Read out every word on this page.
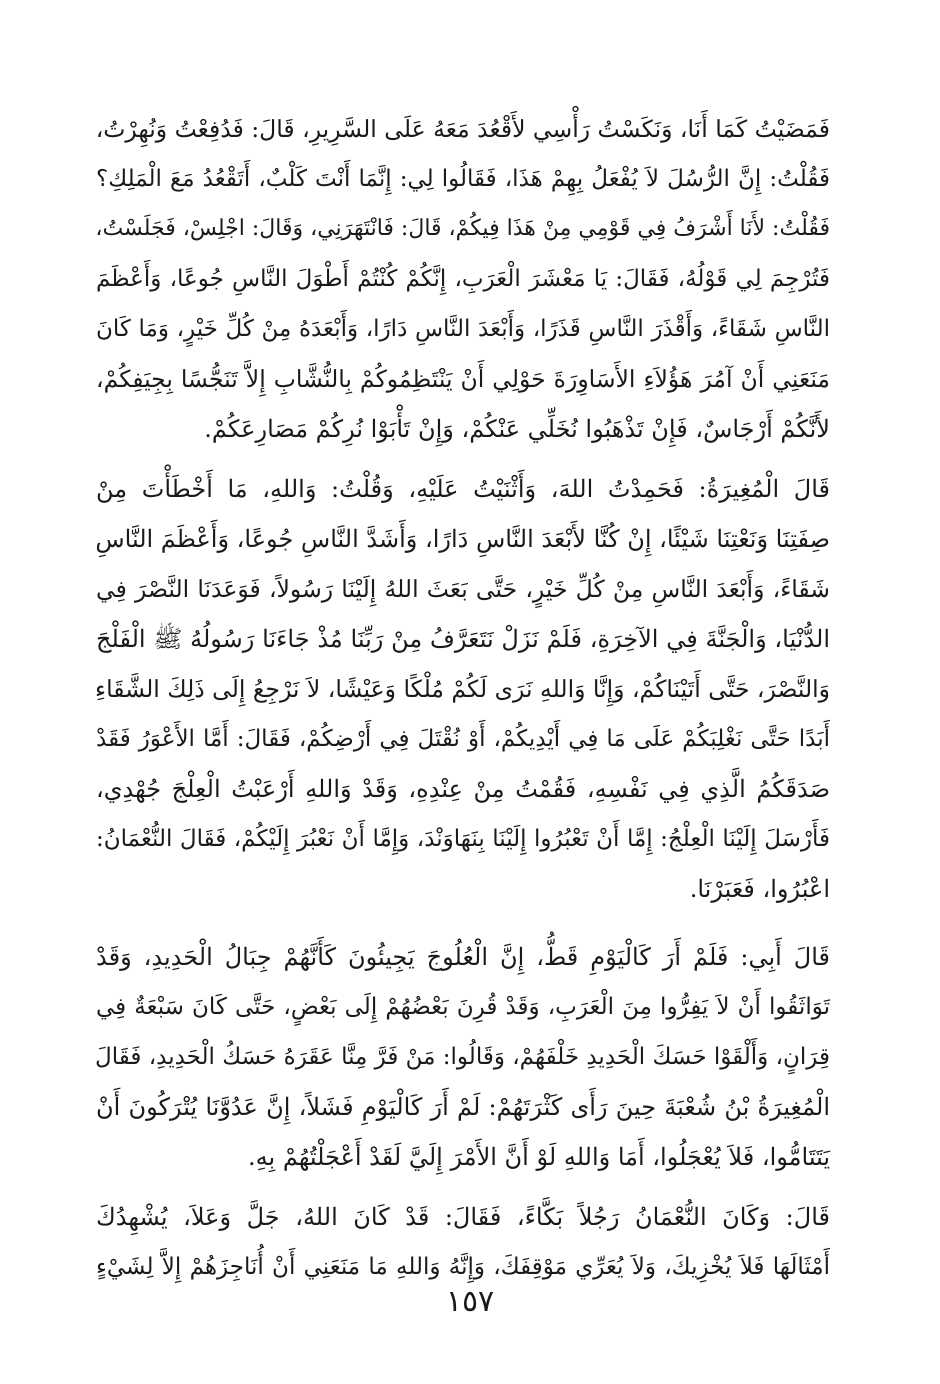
فَمَضَيْتُ كَمَا أَنَا، وَنَكَسْتُ رَأْسِي لأَقْعُدَ مَعَهُ عَلَى السَّرِيرِ، قَالَ: فَدُفِعْتُ وَنُهِرْتُ،
فَقُلْتُ: إِنَّ الرُّسُلَ لاَ يُفْعَلُ بِهِمْ هَذَا، فَقَالُوا لِي: إِنَّمَا أَنْتَ كَلْبٌ، أَتَقْعُدُ مَعَ الْمَلِكِ؟
فَقُلْتُ: لأَنَا أَشْرَفُ فِي قَوْمِي مِنْ هَذَا فِيكُمْ، قَالَ: فَانْتَهَرَنِي، وَقَالَ: اجْلِسْ، فَجَلَسْتُ،
فَتُرْجِمَ لِي قَوْلُهُ، فَقَالَ: يَا مَعْشَرَ الْعَرَبِ، إِنَّكُمْ كُنْتُمْ أَطْوَلَ النَّاسِ جُوعًا، وَأَعْظَمَ
النَّاسِ شَقَاءً، وَأَقْذَرَ النَّاسِ قَذَرًا، وَأَبْعَدَ النَّاسِ دَارًا، وَأَبْعَدَهُ مِنْ كُلِّ خَيْرٍ، وَمَا كَانَ
مَنَعَنِي أَنْ آمُرَ هَؤُلاَءِ الأَسَاوِرَةَ حَوْلِي أَنْ يَنْتَظِمُوكُمْ بِالنُّشَّابِ إِلاَّ تَنَجُّسًا بِجِيَفِكُمْ،
لأَنَّكُمْ أَرْجَاسٌ، فَإِنْ تَذْهَبُوا نُخَلِّي عَنْكُمْ، وَإِنْ تَأْبَوْا نُرِكُمْ مَصَارِعَكُمْ.
قَالَ الْمُغِيرَةُ: فَحَمِدْتُ اللهَ، وَأَثْنَيْتُ عَلَيْهِ، وَقُلْتُ: وَاللهِ، مَا أَخْطَأْتَ مِنْ
صِفَتِنَا وَنَعْتِنَا شَيْئًا، إِنْ كُنَّا لأَبْعَدَ النَّاسِ دَارًا، وَأَشَدَّ النَّاسِ جُوعًا، وَأَعْظَمَ النَّاسِ
شَقَاءً، وَأَبْعَدَ النَّاسِ مِنْ كُلِّ خَيْرٍ، حَتَّى بَعَثَ اللهُ إِلَيْنَا رَسُولاً، فَوَعَدَنَا النَّصْرَ فِي
الدُّنْيَا، وَالْجَنَّةَ فِي الآخِرَةِ، فَلَمْ نَزَلْ نَتَعَرَّفُ مِنْ رَبِّنَا مُذْ جَاءَنَا رَسُولُهُ ﷺ الْفَلْجَ
وَالنَّصْرَ، حَتَّى أَتَيْنَاكُمْ، وَإِنَّا وَاللهِ نَرَى لَكُمْ مُلْكًا وَعَيْشًا، لاَ نَرْجِعُ إِلَى ذَلِكَ الشَّقَاءِ
أَبَدًا حَتَّى نَغْلِبَكُمْ عَلَى مَا فِي أَيْدِيكُمْ، أَوْ نُقْتَلَ فِي أَرْضِكُمْ، فَقَالَ: أَمَّا الأَعْوَرُ فَقَدْ
صَدَقَكُمُ الَّذِي فِي نَفْسِهِ، فَقُمْتُ مِنْ عِنْدِهِ، وَقَدْ وَاللهِ أَرْعَبْتُ الْعِلْجَ جُهْدِي،
فَأَرْسَلَ إِلَيْنَا الْعِلْجُ: إِمَّا أَنْ تَعْبُرُوا إِلَيْنَا بِنَهَاوَنْدَ، وَإِمَّا أَنْ نَعْبُرَ إِلَيْكُمْ، فَقَالَ النُّعْمَانُ:
اعْبُرُوا، فَعَبَرْنَا.
قَالَ أَبِي: فَلَمْ أَرَ كَالْيَوْمِ قَطُّ، إِنَّ الْعُلُوجَ يَجِيئُونَ كَأَنَّهُمْ جِبَالُ الْحَدِيدِ، وَقَدْ
تَوَاثَقُوا أَنْ لاَ يَفِرُّوا مِنَ الْعَرَبِ، وَقَدْ قُرِنَ بَعْضُهُمْ إِلَى بَعْضٍ، حَتَّى كَانَ سَبْعَةٌ فِي
قِرَانٍ، وَأَلْقَوْا حَسَكَ الْحَدِيدِ خَلْفَهُمْ، وَقَالُوا: مَنْ فَرَّ مِنَّا عَقَرَهُ حَسَكُ الْحَدِيدِ، فَقَالَ
الْمُغِيرَةُ بْنُ شُعْبَةَ حِينَ رَأَى كَثْرَتَهُمْ: لَمْ أَرَ كَالْيَوْمِ فَشَلاً، إِنَّ عَدُوَّنَا يُتْرَكُونَ أَنْ
يَتَتَامُّوا، فَلاَ يُعْجَلُوا، أَمَا وَاللهِ لَوْ أَنَّ الأَمْرَ إِلَيَّ لَقَدْ أَعْجَلْتُهُمْ بِهِ.
قَالَ: وَكَانَ النُّعْمَانُ رَجُلاً بَكَّاءً، فَقَالَ: قَدْ كَانَ اللهُ، جَلَّ وَعَلاَ، يُشْهِدُكَ
أَمْثَالَهَا فَلاَ يُخْزِيكَ، وَلاَ يُعَرِّي مَوْقِفَكَ، وَإِنَّهُ وَاللهِ مَا مَنَعَنِي أَنْ أُنَاجِزَهُمْ إِلاَّ لِشَيْءٍ
١٥٧
